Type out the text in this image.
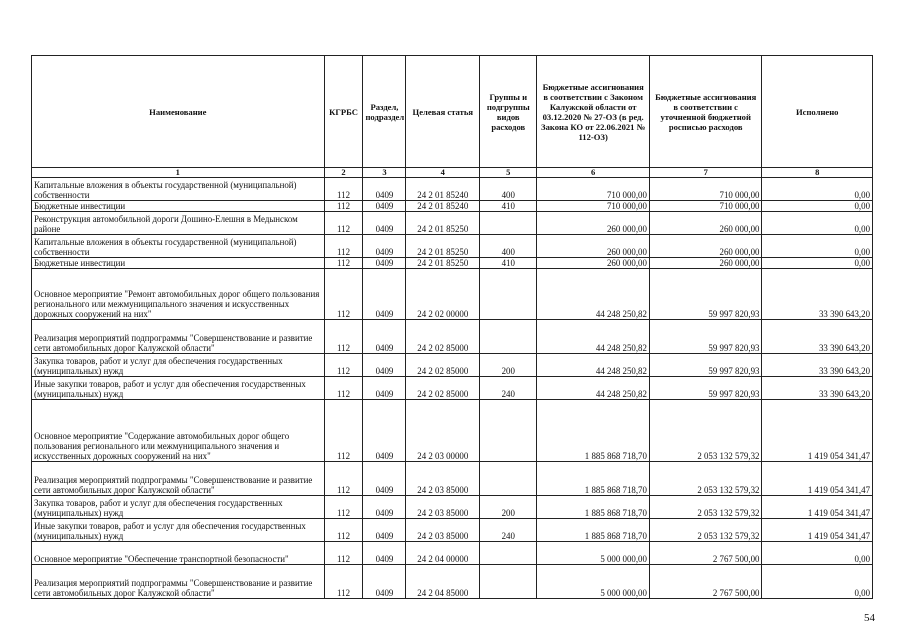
Наименование	КГРБС	Раздел, подраздел	Целевая статья	Группы и подгруппы видов расходов	Бюджетные ассигнования в соответствии с Законом Калужской области от 03.12.2020 № 27-ОЗ (в ред. Закона КО от 22.06.2021 № 112-ОЗ)	Бюджетные ассигнования в соответствии с уточненной бюджетной росписью расходов	Исполнено
1	2	3	4	5	6	7	8
Капитальные вложения в объекты государственной (муниципальной) собственности	112	0409	24 2 01 85240	400	710 000,00	710 000,00	0,00
Бюджетные инвестиции	112	0409	24 2 01 85240	410	710 000,00	710 000,00	0,00
Реконструкция автомобильной дороги Дошино-Елешня в Медынском районе	112	0409	24 2 01 85250		260 000,00	260 000,00	0,00
Капитальные вложения в объекты государственной (муниципальной) собственности	112	0409	24 2 01 85250	400	260 000,00	260 000,00	0,00
Бюджетные инвестиции	112	0409	24 2 01 85250	410	260 000,00	260 000,00	0,00
Основное мероприятие "Ремонт автомобильных дорог общего пользования регионального или межмуниципального значения и искусственных дорожных сооружений на них"	112	0409	24 2 02 00000		44 248 250,82	59 997 820,93	33 390 643,20
Реализация мероприятий подпрограммы "Совершенствование и развитие сети автомобильных дорог Калужской области"	112	0409	24 2 02 85000		44 248 250,82	59 997 820,93	33 390 643,20
Закупка товаров, работ и услуг для обеспечения государственных (муниципальных) нужд	112	0409	24 2 02 85000	200	44 248 250,82	59 997 820,93	33 390 643,20
Иные закупки товаров, работ и услуг для обеспечения государственных (муниципальных) нужд	112	0409	24 2 02 85000	240	44 248 250,82	59 997 820,93	33 390 643,20
Основное мероприятие "Содержание автомобильных дорог общего пользования регионального или межмуниципального значения и искусственных дорожных сооружений на них"	112	0409	24 2 03 00000		1 885 868 718,70	2 053 132 579,32	1 419 054 341,47
Реализация мероприятий подпрограммы "Совершенствование и развитие сети автомобильных дорог Калужской области"	112	0409	24 2 03 85000		1 885 868 718,70	2 053 132 579,32	1 419 054 341,47
Закупка товаров, работ и услуг для обеспечения государственных (муниципальных) нужд	112	0409	24 2 03 85000	200	1 885 868 718,70	2 053 132 579,32	1 419 054 341,47
Иные закупки товаров, работ и услуг для обеспечения государственных (муниципальных) нужд	112	0409	24 2 03 85000	240	1 885 868 718,70	2 053 132 579,32	1 419 054 341,47
Основное мероприятие "Обеспечение транспортной безопасности"	112	0409	24 2 04 00000		5 000 000,00	2 767 500,00	0,00
Реализация мероприятий подпрограммы "Совершенствование и развитие сети автомобильных дорог Калужской области"	112	0409	24 2 04 85000		5 000 000,00	2 767 500,00	0,00
54
